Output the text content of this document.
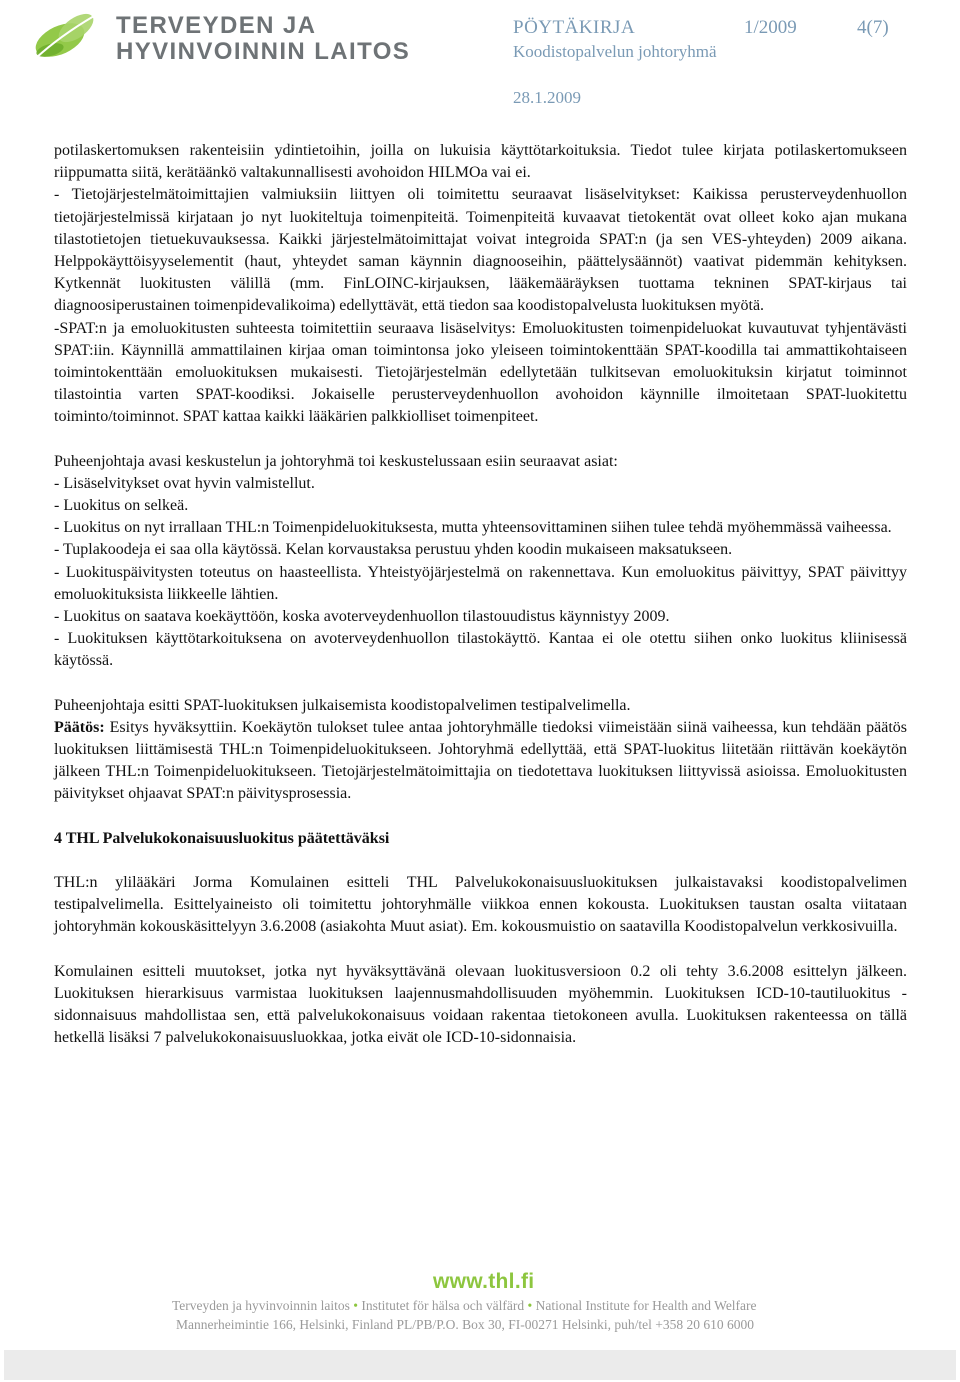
TERVEYDEN JA

HYVINVOINNIN LAITOS

PÖYTÄKIRJA	1/2009	4(7)
Koodistopalvelun johtoryhmä
28.1.2009

potilaskertomuksen rakenteisiin ydintietoihin, joilla on lukuisia käyttötarkoituksia. Tiedot tulee kirjata potilaskertomukseen riippumatta siitä, kerätäänkö valtakunnallisesti avohoidon HILMOa vai ei.

- Tietojärjestelmätoimittajien valmiuksiin liittyen oli toimitettu seuraavat lisäselvitykset: Kaikissa perusterveydenhuollon tietojärjestelmissä kirjataan jo nyt luokiteltuja toimenpiteitä. Toimenpiteitä kuvaavat tietokentät ovat olleet koko ajan mukana tilastotietojen tietuekuvauksessa. Kaikki järjestelmätoimittajat voivat integroida SPAT:n (ja sen VES-yhteyden) 2009 aikana. Helppokäyttöisyyselementit (haut, yhteydet saman käynnin diagnooseihin, päättelysäännöt) vaativat pidemmän kehityksen. Kytkennät luokitusten välillä (mm. FinLOINC-kirjauksen, lääkemääräyksen tuottama tekninen SPAT-kirjaus tai diagnoosiperustainen toimenpidevalikoima) edellyttävät, että tiedon saa koodistopalvelusta luokituksen myötä.

-SPAT:n ja emoluokitusten suhteesta toimitettiin seuraava lisäselvitys: Emoluokitusten toimenpideluokat kuvautuvat tyhjentävästi SPAT:iin. Käynnillä ammattilainen kirjaa oman toimintonsa joko yleiseen toimintokenttään SPAT-koodilla tai ammattikohtaiseen toimintokenttään emoluokituksen mukaisesti. Tietojärjestelmän edellytetään tulkitsevan emoluokituksin kirjatut toiminnot tilastointia varten SPAT-koodiksi. Jokaiselle perusterveydenhuollon avohoidon käynnille ilmoitetaan SPAT-luokitettu toiminto/toiminnot. SPAT kattaa kaikki lääkärien palkkiolliset toimenpiteet.

Puheenjohtaja avasi keskustelun ja johtoryhmä toi keskustelussaan esiin seuraavat asiat:

- Lisäselvitykset ovat hyvin valmistellut.

- Luokitus on selkeä.

- Luokitus on nyt irrallaan THL:n Toimenpideluokituksesta, mutta yhteensovittaminen siihen tulee tehdä myöhemmässä vaiheessa.

- Tuplakoodeja ei saa olla käytössä. Kelan korvaustaksa perustuu yhden koodin mukaiseen maksatukseen.

- Luokituspäivitysten toteutus on haasteellista. Yhteistyöjärjestelmä on rakennettava. Kun emoluokitus päivittyy, SPAT päivittyy emoluokituksista liikkeelle lähtien.

- Luokitus on saatava koekäyttöön, koska avoterveydenhuollon tilastouudistus käynnistyy 2009.

- Luokituksen käyttötarkoituksena on avoterveydenhuollon tilastokäyttö. Kantaa ei ole otettu siihen onko luokitus kliinisessä käytössä.

Puheenjohtaja esitti SPAT-luokituksen julkaisemista koodistopalvelimen testipalvelimella.

Päätös: Esitys hyväksyttiin. Koekäytön tulokset tulee antaa johtoryhmälle tiedoksi viimeistään siinä vaiheessa, kun tehdään päätös luokituksen liittämisestä THL:n Toimenpideluokitukseen. Johtoryhmä edellyttää, että SPAT-luokitus liitetään riittävän koekäytön jälkeen THL:n Toimenpideluokitukseen. Tietojärjestelmätoimittajia on tiedotettava luokituksen liittyvissä asioissa. Emoluokitusten päivitykset ohjaavat SPAT:n päivitysprosessia.

4 THL Palvelukokonaisuusluokitus päätettäväksi

THL:n ylilääkäri Jorma Komulainen esitteli THL Palvelukokonaisuusluokituksen julkaistavaksi koodistopalvelimen testipalvelimella. Esittelyaineisto oli toimitettu johtoryhmälle viikkoa ennen kokousta. Luokituksen taustan osalta viitataan johtoryhmän kokouskäsittelyyn 3.6.2008 (asiakohta Muut asiat). Em. kokousmuistio on saatavilla Koodistopalvelun verkkosivuilla.

Komulainen esitteli muutokset, jotka nyt hyväksyttävänä olevaan luokitusversioon 0.2 oli tehty 3.6.2008 esittelyn jälkeen. Luokituksen hierarkisuus varmistaa luokituksen laajennusmahdollisuuden myöhemmin. Luokituksen ICD-10-tautiluokitus -sidonnaisuus mahdollistaa sen, että palvelukokonaisuus voidaan rakentaa tietokoneen avulla. Luokituksen rakenteessa on tällä hetkellä lisäksi 7 palvelukokonaisuusluokkaa, jotka eivät ole ICD-10-sidonnaisia.

www.thl.fi
Terveyden ja hyvinvoinnin laitos • Institutet för hälsa och välfärd • National Institute for Health and Welfare
Mannerheimintie 166, Helsinki, Finland PL/PB/P.O. Box 30, FI-00271 Helsinki, puh/tel +358 20 610 6000
